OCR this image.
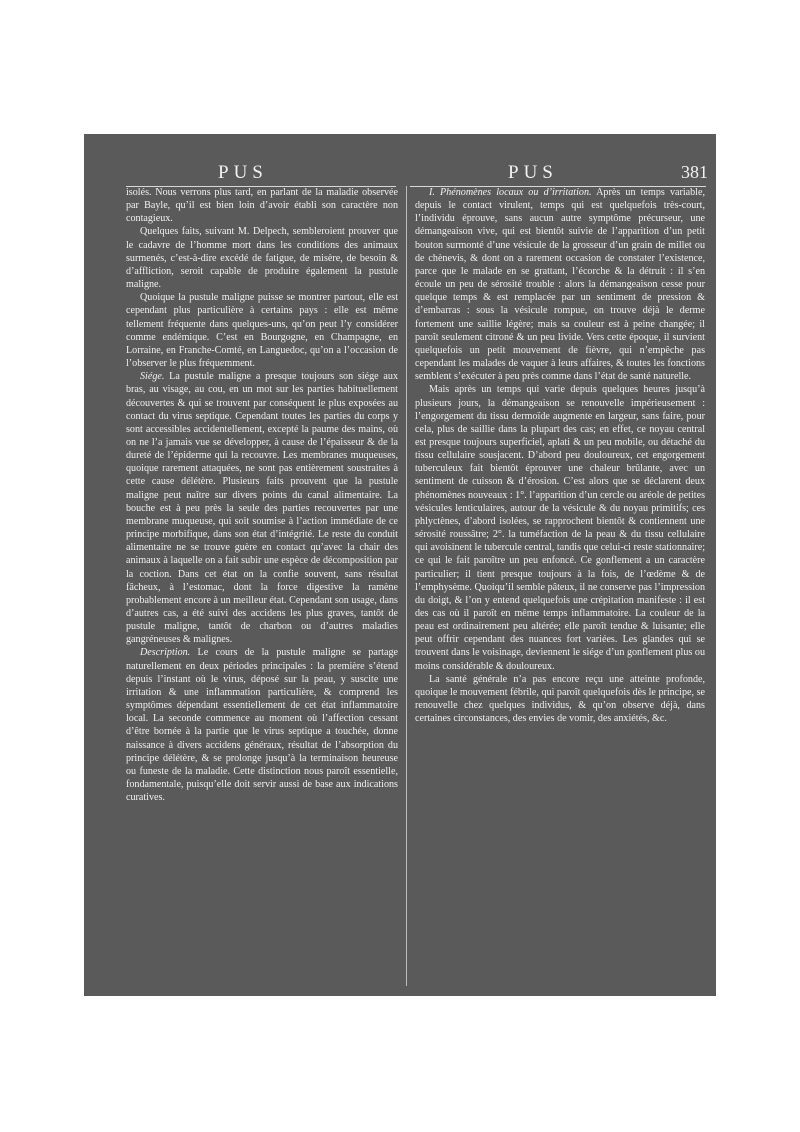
PUS	PUS	381

isolés. Nous verrons plus tard, en parlant de la maladie observée par Bayle, qu’il est bien loin d’avoir établi son caractère non contagieux.

Quelques faits, suivant M. Delpech, sembleroient prouver que le cadavre de l’homme mort dans les conditions des animaux surmenés, c’est-à-dire excédé de fatigue, de misère, de besoin & d’affliction, seroit capable de produire également la pustule maligne.

Quoique la pustule maligne puisse se montrer partout, elle est cependant plus particulière à certains pays : elle est même tellement fréquente dans quelques-uns, qu’on peut l’y considérer comme endémique. C’est en Bourgogne, en Champagne, en Lorraine, en Franche-Comté, en Languedoc, qu’on a l’occasion de l’observer le plus fréquemment.

Siége. La pustule maligne a presque toujours son siége aux bras, au visage, au cou, en un mot sur les parties habituellement découvertes & qui se trouvent par conséquent le plus exposées au contact du virus septique. Cependant toutes les parties du corps y sont accessibles accidentellement, excepté la paume des mains, où on ne l’a jamais vue se développer, à cause de l’épaisseur & de la dureté de l’épiderme qui la recouvre. Les membranes muqueuses, quoique rarement attaquées, ne sont pas entièrement soustraites à cette cause délétère. Plusieurs faits prouvent que la pustule maligne peut naître sur divers points du canal alimentaire. La bouche est à peu près la seule des parties recouvertes par une membrane muqueuse, qui soit soumise à l’action immédiate de ce principe morbifique, dans son état d’intégrité. Le reste du conduit alimentaire ne se trouve guère en contact qu’avec la chair des animaux à laquelle on a fait subir une espèce de décomposition par la coction. Dans cet état on la confie souvent, sans résultat fâcheux, à l’estomac, dont la force digestive la ramène probablement encore à un meilleur état. Cependant son usage, dans d’autres cas, a été suivi des accidens les plus graves, tantôt de pustule maligne, tantôt de charbon ou d’autres maladies gangréneuses & malignes.

Description. Le cours de la pustule maligne se partage naturellement en deux périodes principales : la première s’étend depuis l’instant où le virus, déposé sur la peau, y suscite une irritation & une inflammation particulière, & comprend les symptômes dépendant essentiellement de cet état inflammatoire local. La seconde commence au moment où l’affection cessant d’être bornée à la partie que le virus septique a touchée, donne naissance à divers accidens généraux, résultat de l’absorption du principe délétère, & se prolonge jusqu’à la terminaison heureuse ou funeste de la maladie. Cette distinction nous paroît essentielle, fondamentale, puisqu’elle doit servir aussi de base aux indications curatives.

I. Phénomènes locaux ou d’irritation. Après un temps variable, depuis le contact virulent, temps qui est quelquefois très-court, l’individu éprouve, sans aucun autre symptôme précurseur, une démangeaison vive, qui est bientôt suivie de l’apparition d’un petit bouton surmonté d’une vésicule de la grosseur d’un grain de millet ou de chènevis, & dont on a rarement occasion de constater l’existence, parce que le malade en se grattant, l’écorche & la détruit : il s’en écoule un peu de sérosité trouble : alors la démangeaison cesse pour quelque temps & est remplacée par un sentiment de pression & d’embarras : sous la vésicule rompue, on trouve déjà le derme fortement une saillie légère; mais sa couleur est à peine changée; il paroît seulement citroné & un peu livide. Vers cette époque, il survient quelquefois un petit mouvement de fièvre, qui n’empêche pas cependant les malades de vaquer à leurs affaires, & toutes les fonctions semblent s’exécuter à peu près comme dans l’état de santé naturelle.

Mais après un temps qui varie depuis quelques heures jusqu’à plusieurs jours, la démangeaison se renouvelle impérieusement : l’engorgement du tissu dermoïde augmente en largeur, sans faire, pour cela, plus de saillie dans la plupart des cas; en effet, ce noyau central est presque toujours superficiel, aplati & un peu mobile, ou détaché du tissu cellulaire sousjacent. D’abord peu douloureux, cet engorgement tuberculeux fait bientôt éprouver une chaleur brûlante, avec un sentiment de cuisson & d’érosion. C’est alors que se déclarent deux phénomènes nouveaux : 1°. l’apparition d’un cercle ou aréole de petites vésicules lenticulaires, autour de la vésicule & du noyau primitifs; ces phlyctènes, d’abord isolées, se rapprochent bientôt & contiennent une sérosité roussâtre; 2°. la tuméfaction de la peau & du tissu cellulaire qui avoisinent le tubercule central, tandis que celui-ci reste stationnaire; ce qui le fait paroître un peu enfoncé. Ce gonflement a un caractère particulier; il tient presque toujours à la fois, de l’œdème & de l’emphysème. Quoiqu’il semble pâteux, il ne conserve pas l’impression du doigt, & l’on y entend quelquefois une crépitation manifeste : il est des cas où il paroît en même temps inflammatoire. La couleur de la peau est ordinairement peu altérée; elle paroît tendue & luisante; elle peut offrir cependant des nuances fort variées. Les glandes qui se trouvent dans le voisinage, deviennent le siége d’un gonflement plus ou moins considérable & douloureux.

La santé générale n’a pas encore reçu une atteinte profonde, quoique le mouvement fébrile, qui paroît quelquefois dès le principe, se renouvelle chez quelques individus, & qu’on observe déjà, dans certaines circonstances, des envies de vomir, des anxiétés, &c.
